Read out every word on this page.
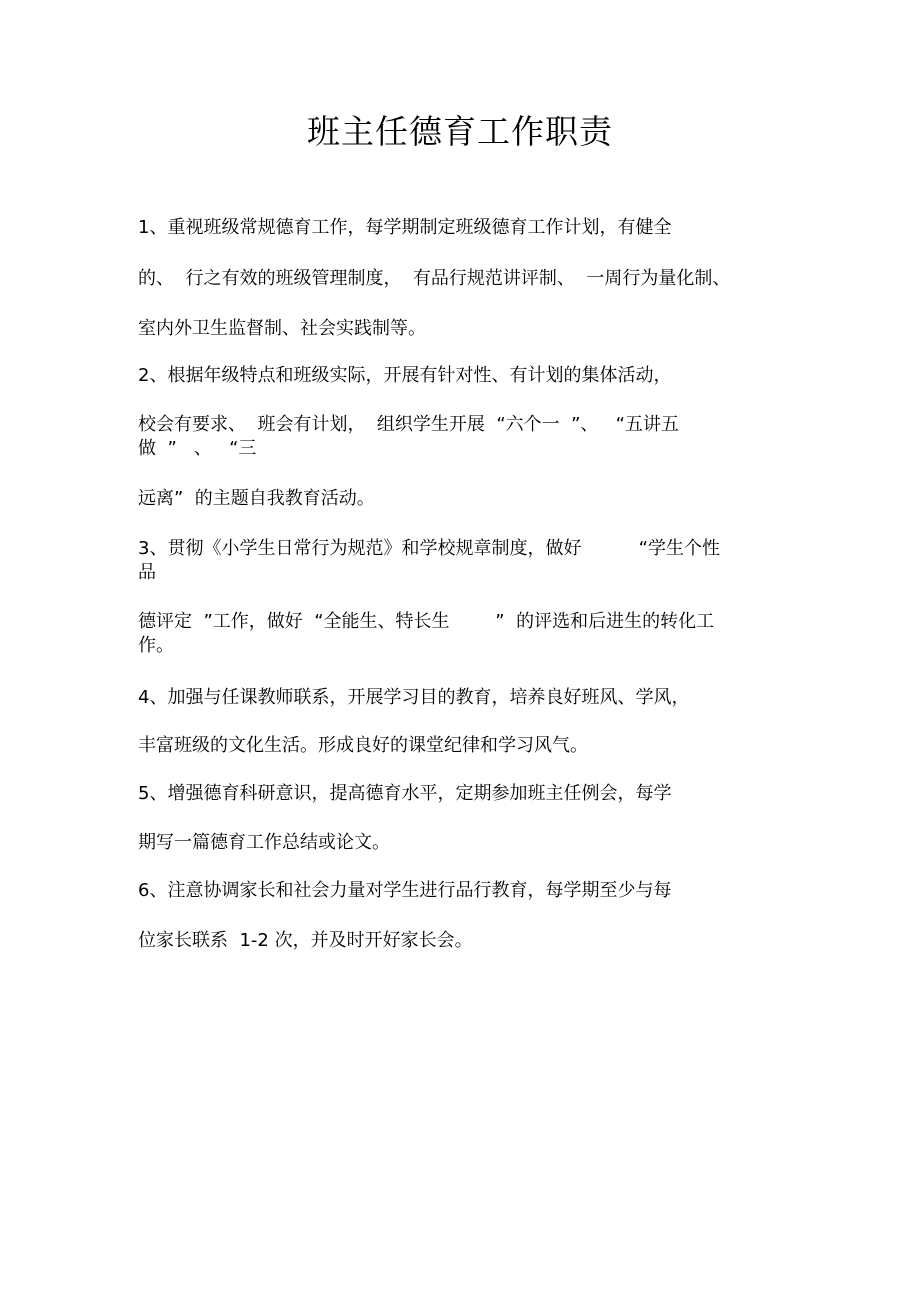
班主任德育工作职责
1、重视班级常规德育工作，每学期制定班级德育工作计划，有健全
的、  行之有效的班级管理制度，  有品行规范讲评制、  一周行为量化制、
室内外卫生监督制、社会实践制等。
2、根据年级特点和班级实际，开展有针对性、有计划的集体活动，
校会有要求、  班会有计划，  组织学生开展  “六个一  ”、   “五讲五
做  ”   、   “三
远离”  的主题自我教育活动。
3、贯彻《小学生日常行为规范》和学校规章制度，做好          “学生个性
品
德评定  ”工作，做好  “全能生、特长生        ”  的评选和后进生的转化工
作。
4、加强与任课教师联系，开展学习目的教育，培养良好班风、学风，
丰富班级的文化生活。形成良好的课堂纪律和学习风气。
5、增强德育科研意识，提高德育水平，定期参加班主任例会，每学
期写一篇德育工作总结或论文。
6、注意协调家长和社会力量对学生进行品行教育，每学期至少与每
位家长联系  1-2 次，并及时开好家长会。
